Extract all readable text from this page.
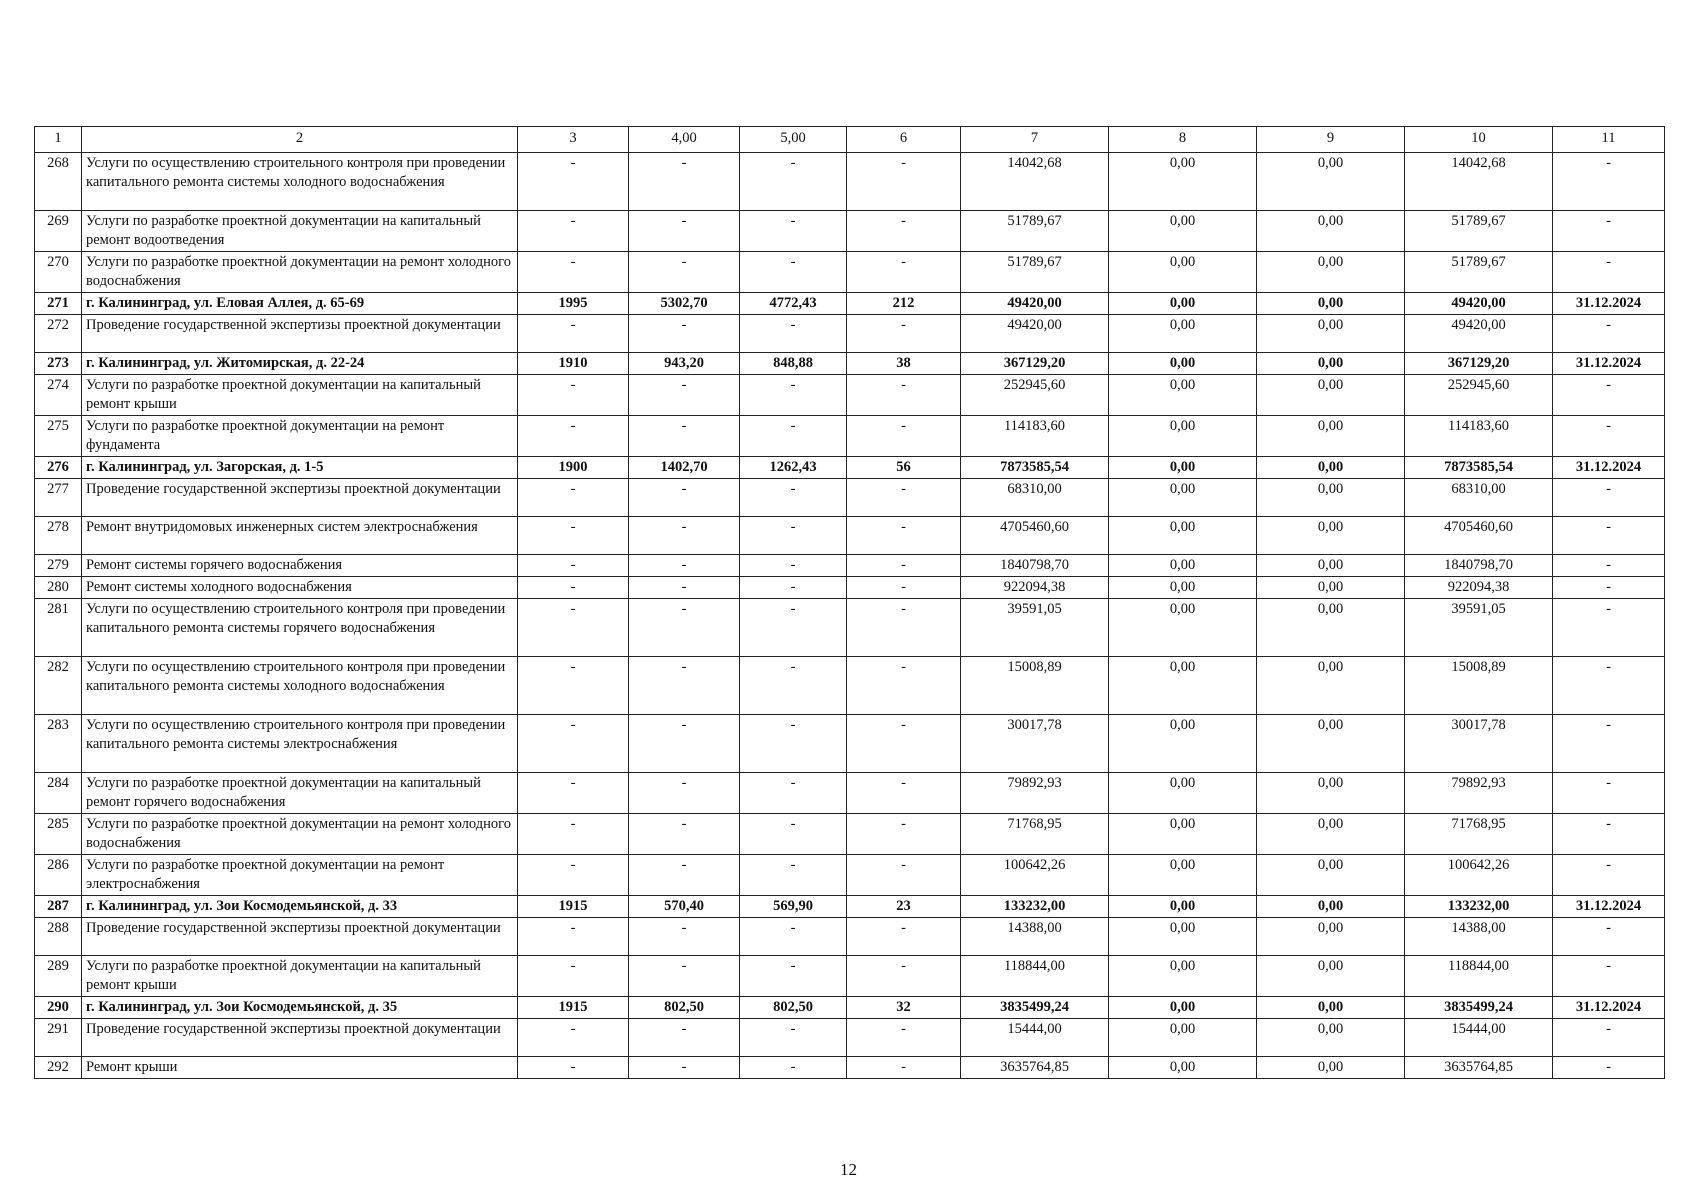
1	2	3	4,00	5,00	6	7	8	9	10	11
268	Услуги по осуществлению строительного контроля при проведении капитального ремонта системы холодного водоснабжения	-	-	-	-	14042,68	0,00	0,00	14042,68	-
269	Услуги по разработке проектной документации на капитальный ремонт водоотведения	-	-	-	-	51789,67	0,00	0,00	51789,67	-
270	Услуги по разработке проектной документации на ремонт холодного водоснабжения	-	-	-	-	51789,67	0,00	0,00	51789,67	-
271	г. Калининград, ул. Еловая Аллея, д. 65-69	1995	5302,70	4772,43	212	49420,00	0,00	0,00	49420,00	31.12.2024
272	Проведение государственной экспертизы проектной документации	-	-	-	-	49420,00	0,00	0,00	49420,00	-
273	г. Калининград, ул. Житомирская, д. 22-24	1910	943,20	848,88	38	367129,20	0,00	0,00	367129,20	31.12.2024
274	Услуги по разработке проектной документации на капитальный ремонт крыши	-	-	-	-	252945,60	0,00	0,00	252945,60	-
275	Услуги по разработке проектной документации на ремонт фундамента	-	-	-	-	114183,60	0,00	0,00	114183,60	-
276	г. Калининград, ул. Загорская, д. 1-5	1900	1402,70	1262,43	56	7873585,54	0,00	0,00	7873585,54	31.12.2024
277	Проведение государственной экспертизы проектной документации	-	-	-	-	68310,00	0,00	0,00	68310,00	-
278	Ремонт внутридомовых инженерных систем электроснабжения	-	-	-	-	4705460,60	0,00	0,00	4705460,60	-
279	Ремонт системы горячего водоснабжения	-	-	-	-	1840798,70	0,00	0,00	1840798,70	-
280	Ремонт системы холодного водоснабжения	-	-	-	-	922094,38	0,00	0,00	922094,38	-
281	Услуги по осуществлению строительного контроля при проведении капитального ремонта системы горячего водоснабжения	-	-	-	-	39591,05	0,00	0,00	39591,05	-
282	Услуги по осуществлению строительного контроля при проведении капитального ремонта системы холодного водоснабжения	-	-	-	-	15008,89	0,00	0,00	15008,89	-
283	Услуги по осуществлению строительного контроля при проведении капитального ремонта системы электроснабжения	-	-	-	-	30017,78	0,00	0,00	30017,78	-
284	Услуги по разработке проектной документации на капитальный ремонт горячего водоснабжения	-	-	-	-	79892,93	0,00	0,00	79892,93	-
285	Услуги по разработке проектной документации на ремонт холодного водоснабжения	-	-	-	-	71768,95	0,00	0,00	71768,95	-
286	Услуги по разработке проектной документации на ремонт электроснабжения	-	-	-	-	100642,26	0,00	0,00	100642,26	-
287	г. Калининград, ул. Зои Космодемьянской, д. 33	1915	570,40	569,90	23	133232,00	0,00	0,00	133232,00	31.12.2024
288	Проведение государственной экспертизы проектной документации	-	-	-	-	14388,00	0,00	0,00	14388,00	-
289	Услуги по разработке проектной документации на капитальный ремонт крыши	-	-	-	-	118844,00	0,00	0,00	118844,00	-
290	г. Калининград, ул. Зои Космодемьянской, д. 35	1915	802,50	802,50	32	3835499,24	0,00	0,00	3835499,24	31.12.2024
291	Проведение государственной экспертизы проектной документации	-	-	-	-	15444,00	0,00	0,00	15444,00	-
292	Ремонт крыши	-	-	-	-	3635764,85	0,00	0,00	3635764,85	-
12
